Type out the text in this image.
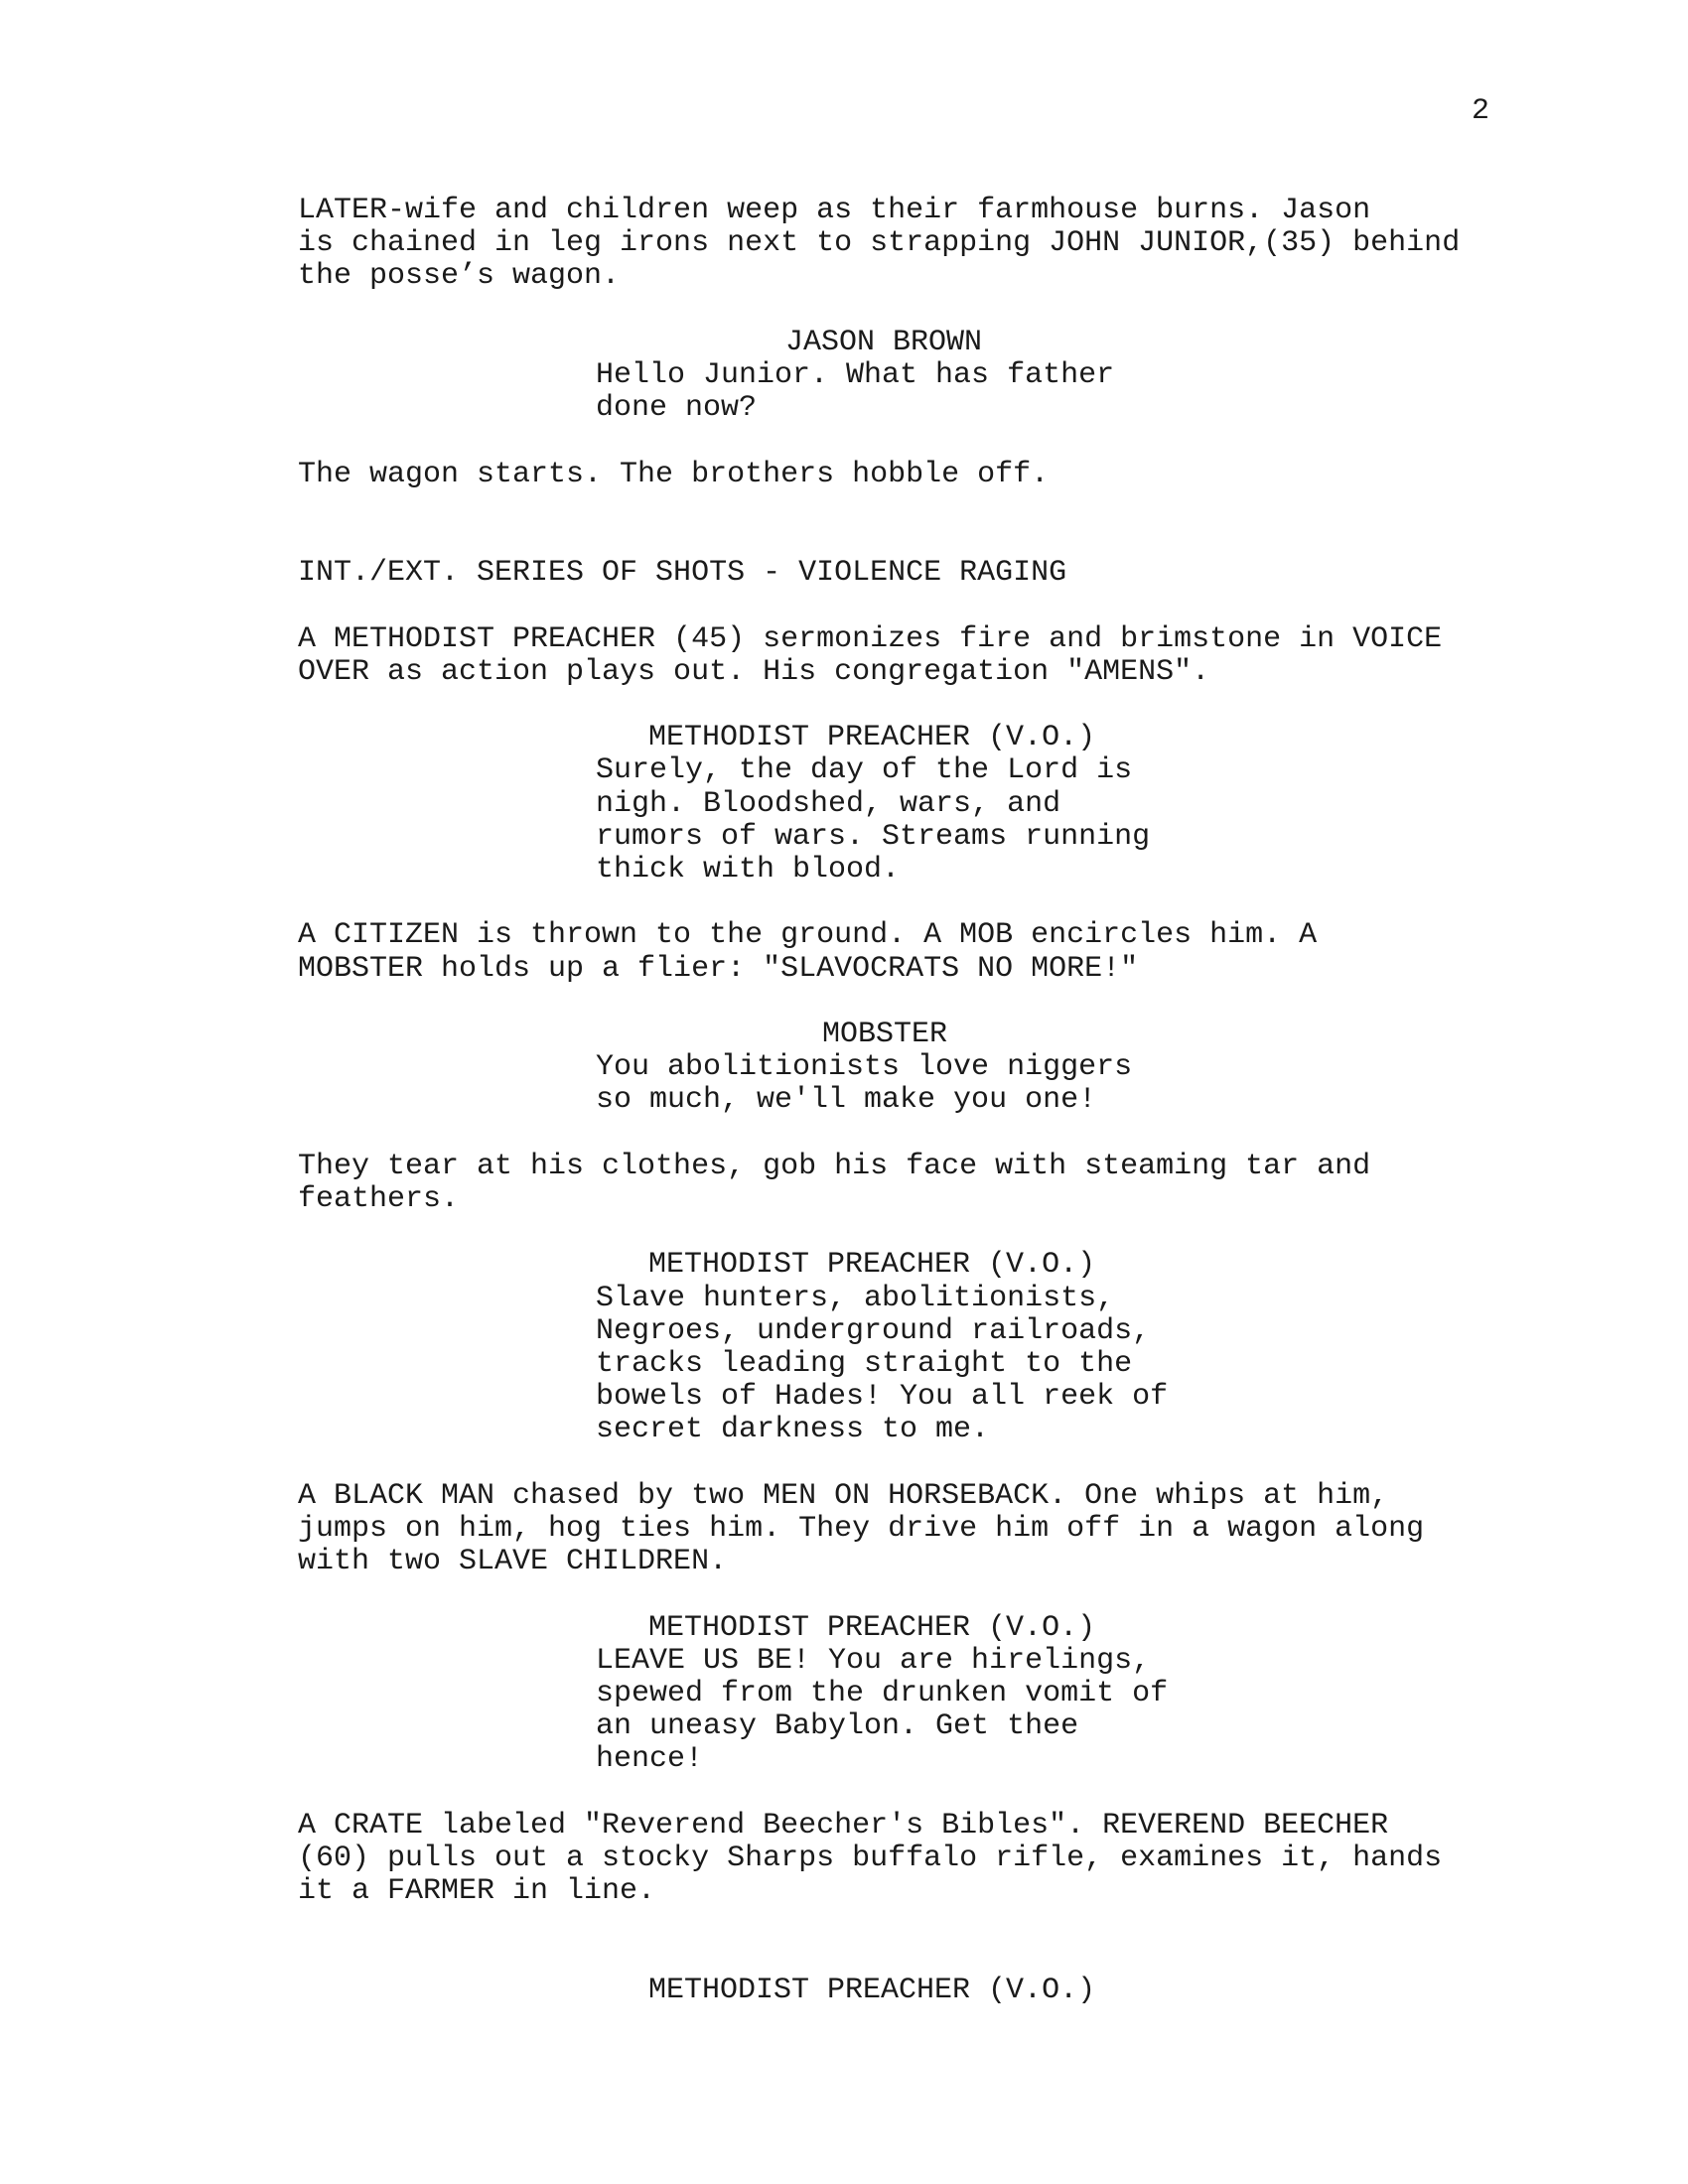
2
LATER-wife and children weep as their farmhouse burns. Jason
is chained in leg irons next to strapping JOHN JUNIOR,(35) behind
the posse’s wagon.
JASON BROWN
Hello Junior. What has father
done now?
The wagon starts. The brothers hobble off.
INT./EXT. SERIES OF SHOTS - VIOLENCE RAGING
A METHODIST PREACHER (45) sermonizes fire and brimstone in VOICE
OVER as action plays out. His congregation "AMENS".
METHODIST PREACHER (V.O.)
Surely, the day of the Lord is
nigh. Bloodshed, wars, and
rumors of wars. Streams running
thick with blood.
A CITIZEN is thrown to the ground. A MOB encircles him. A
MOBSTER holds up a flier: "SLAVOCRATS NO MORE!"
MOBSTER
You abolitionists love niggers
so much, we'll make you one!
They tear at his clothes, gob his face with steaming tar and
feathers.
METHODIST PREACHER (V.O.)
Slave hunters, abolitionists,
Negroes, underground railroads,
tracks leading straight to the
bowels of Hades! You all reek of
secret darkness to me.
A BLACK MAN chased by two MEN ON HORSEBACK. One whips at him,
jumps on him, hog ties him. They drive him off in a wagon along
with two SLAVE CHILDREN.
METHODIST PREACHER (V.O.)
LEAVE US BE! You are hirelings,
spewed from the drunken vomit of
an uneasy Babylon. Get thee
hence!
A CRATE labeled "Reverend Beecher's Bibles". REVEREND BEECHER
(60) pulls out a stocky Sharps buffalo rifle, examines it, hands
it a FARMER in line.
METHODIST PREACHER (V.O.)
